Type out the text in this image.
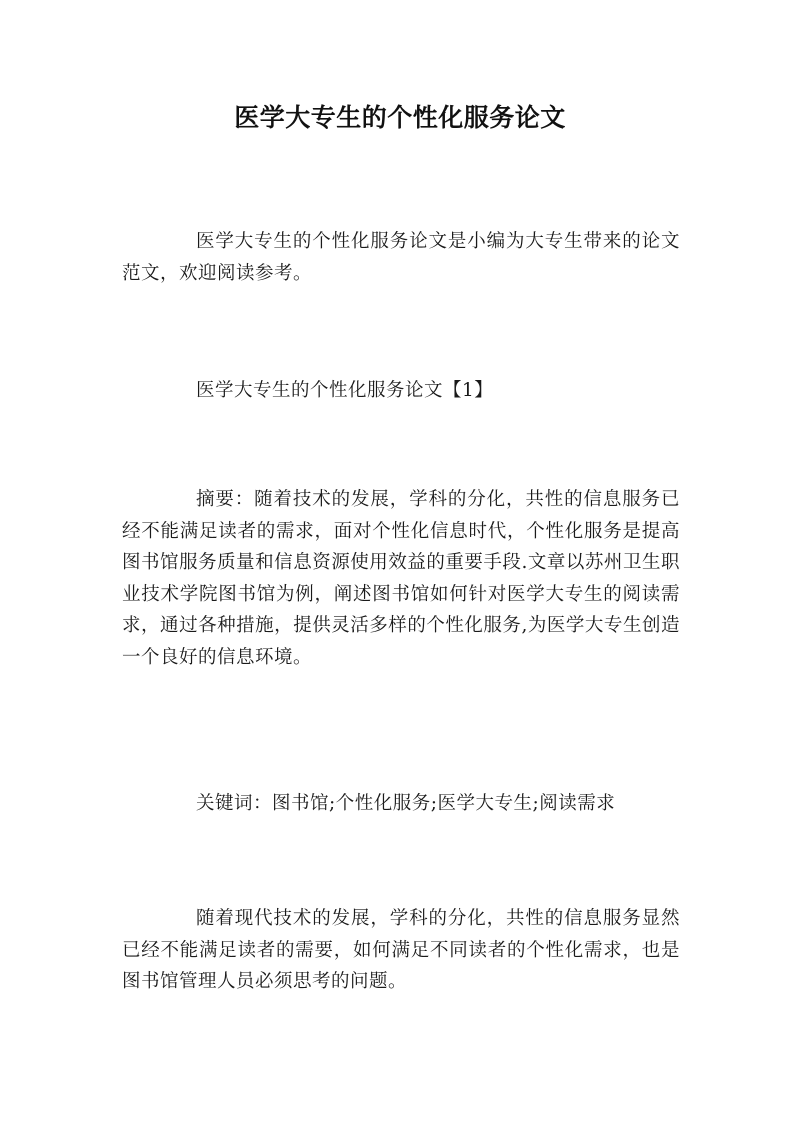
医学大专生的个性化服务论文

医学大专生的个性化服务论文是小编为大专生带来的论文范文，欢迎阅读参考。

医学大专生的个性化服务论文【1】

摘要：随着技术的发展，学科的分化，共性的信息服务已经不能满足读者的需求，面对个性化信息时代，个性化服务是提高图书馆服务质量和信息资源使用效益的重要手段.文章以苏州卫生职业技术学院图书馆为例，阐述图书馆如何针对医学大专生的阅读需求，通过各种措施，提供灵活多样的个性化服务,为医学大专生创造一个良好的信息环境。

关键词：图书馆;个性化服务;医学大专生;阅读需求

随着现代技术的发展，学科的分化，共性的信息服务显然已经不能满足读者的需要，如何满足不同读者的个性化需求，也是图书馆管理人员必须思考的问题。
